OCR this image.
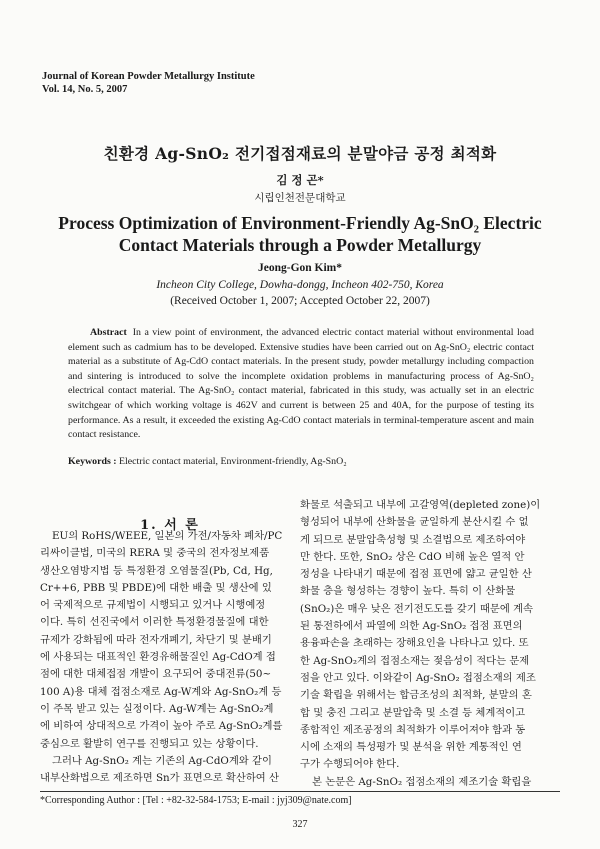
Journal of Korean Powder Metallurgy Institute
Vol. 14, No. 5, 2007
친환경 Ag-SnO₂ 전기접점재료의 분말야금 공정 최적화
김 정 곤*
시립인천전문대학교
Process Optimization of Environment-Friendly Ag-SnO₂ Electric Contact Materials through a Powder Metallurgy
Jeong-Gon Kim*
Incheon City College, Dowha-dongg, Incheon 402-750, Korea
(Received October 1, 2007; Accepted October 22, 2007)
Abstract In a view point of environment, the advanced electric contact material without environmental load element such as cadmium has to be developed. Extensive studies have been carried out on Ag-SnO₂ electric contact material as a substitute of Ag-CdO contact materials. In the present study, powder metallurgy including compaction and sintering is introduced to solve the incomplete oxidation problems in manufacturing process of Ag-SnO₂ electrical contact material. The Ag-SnO₂ contact material, fabricated in this study, was actually set in an electric switchgear of which working voltage is 462V and current is between 25 and 40A, for the purpose of testing its performance. As a result, it exceeded the existing Ag-CdO contact materials in terminal-temperature ascent and main contact resistance.
Keywords : Electric contact material, Environment-friendly, Ag-SnO₂
1. 서 론
EU의 RoHS/WEEE, 일본의 가전/자동차 폐차/PC
리싸이클법, 미국의 RERA 및 중국의 전자정보제품
생산오염방지법 등 특정환경 오염물질(Pb, Cd, Hg,
Cr++6, PBB 및 PBDE)에 대한 배출 및 생산에 있
어 국제적으로 규제법이 시행되고 있거나 시행예정
이다. 특히 선진국에서 이러한 특정환경물질에 대한
규제가 강화됨에 따라 전자개폐기, 차단기 및 분배기
에 사용되는 대표적인 환경유해물질인 Ag-CdO계 접
점에 대한 대체접점 개발이 요구되어 중대전류(50~
100 A)용 대체 접점소재로 Ag-W계와 Ag-SnO₂계 등
이 주목 받고 있는 실정이다. Ag-W계는 Ag-SnO₂계
에 비하여 상대적으로 가격이 높아 주로 Ag-SnO₂계를
중심으로 활발히 연구를 진행되고 있는 상황이다.
그러나 Ag-SnO₂ 계는 기존의 Ag-CdO계와 같이
내부산화법으로 제조하면 Sn가 표면으로 확산하여 산
화물로 석출되고 내부에 고갈영역(depleted zone)이
형성되어 내부에 산화물을 균일하게 분산시킬 수 없
게 되므로 분말압축성형 및 소결법으로 제조하여야
만 한다. 또한, SnO₂ 상은 CdO 비해 높은 열적 안
정성을 나타내기 때문에 접점 표면에 얇고 균일한 산
화물 층을 형성하는 경향이 높다. 특히 이 산화물
(SnO₂)은 매우 낮은 전기전도도를 갖기 때문에 계속
된 통전하에서 파열에 의한 Ag-SnO₂ 접점 표면의
용융파손을 초래하는 장해요인을 나타나고 있다. 또
한 Ag-SnO₂계의 접점소재는 젖음성이 적다는 문제
점을 안고 있다. 이와같이 Ag-SnO₂ 접점소재의 제조
기술 확립을 위해서는 합금조성의 최적화, 분말의 혼
합 및 충진 그리고 분말압축 및 소결 등 체계적이고
종합적인 제조공정의 최적화가 이루어져야 함과 동
시에 소재의 특성평가 및 분석을 위한 계통적인 연
구가 수행되어야 한다.
본 논문은 Ag-SnO₂ 접점소재의 제조기술 확립을
*Corresponding Author : [Tel : +82-32-584-1753; E-mail : jyj309@nate.com]
327
